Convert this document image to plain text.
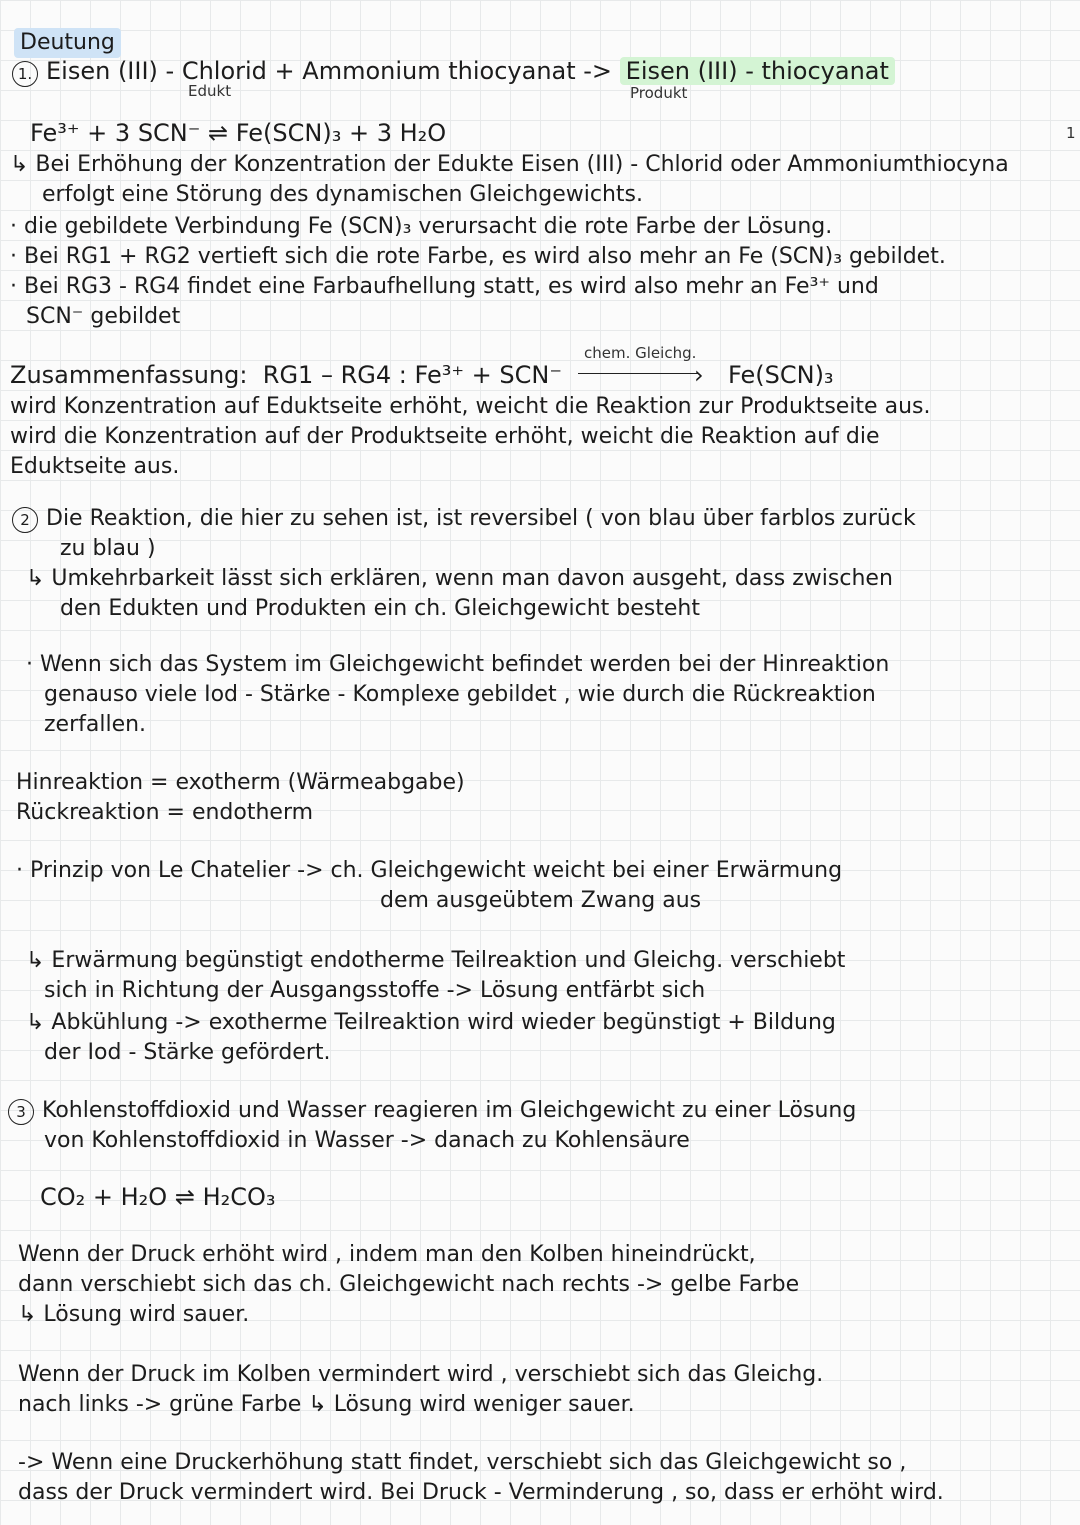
Deutung
1. Eisen (III) - Chlorid + Ammonium thiocyanat -> Eisen (III) - thiocyanat
Edukt	Produkt
Fe³⁺ + 3 SCN⁻ ⇌ Fe(SCN)₃ + 3 H₂O	1
↳ Bei Erhöhung der Konzentration der Edukte Eisen (III) - Chlorid oder Ammoniumthiocyna
erfolgt eine Störung des dynamischen Gleichgewichts.
· die gebildete Verbindung Fe (SCN)₃ verursacht die rote Farbe der Lösung.
· Bei RG1 + RG2 vertieft sich die rote Farbe, es wird also mehr an Fe (SCN)₃ gebildet.
· Bei RG3 - RG4 findet eine Farbaufhellung statt, es wird also mehr an Fe³⁺ und
SCN⁻ gebildet
chem. Gleichg.
Zusammenfassung: RG1 – RG4 : Fe³⁺ + SCN⁻	› Fe(SCN)₃
wird Konzentration auf Eduktseite erhöht, weicht die Reaktion zur Produktseite aus.
wird die Konzentration auf der Produktseite erhöht, weicht die Reaktion auf die
Eduktseite aus.
2 Die Reaktion, die hier zu sehen ist, ist reversibel ( von blau über farblos zurück
zu blau )
↳ Umkehrbarkeit lässt sich erklären, wenn man davon ausgeht, dass zwischen
den Edukten und Produkten ein ch. Gleichgewicht besteht
· Wenn sich das System im Gleichgewicht befindet werden bei der Hinreaktion
genauso viele Iod - Stärke - Komplexe gebildet , wie durch die Rückreaktion
zerfallen.
Hinreaktion = exotherm (Wärmeabgabe)
Rückreaktion = endotherm
· Prinzip von Le Chatelier -> ch. Gleichgewicht weicht bei einer Erwärmung
dem ausgeübtem Zwang aus
↳ Erwärmung begünstigt endotherme Teilreaktion und Gleichg. verschiebt
sich in Richtung der Ausgangsstoffe -> Lösung entfärbt sich
↳ Abkühlung -> exotherme Teilreaktion wird wieder begünstigt + Bildung
der Iod - Stärke gefördert.
3 Kohlenstoffdioxid und Wasser reagieren im Gleichgewicht zu einer Lösung
von Kohlenstoffdioxid in Wasser -> danach zu Kohlensäure
CO₂ + H₂O ⇌ H₂CO₃
Wenn der Druck erhöht wird , indem man den Kolben hineindrückt,
dann verschiebt sich das ch. Gleichgewicht nach rechts -> gelbe Farbe
↳ Lösung wird sauer.
Wenn der Druck im Kolben vermindert wird , verschiebt sich das Gleichg.
nach links -> grüne Farbe ↳ Lösung wird weniger sauer.
-> Wenn eine Druckerhöhung statt findet, verschiebt sich das Gleichgewicht so ,
dass der Druck vermindert wird. Bei Druck - Verminderung , so, dass er erhöht wird.
